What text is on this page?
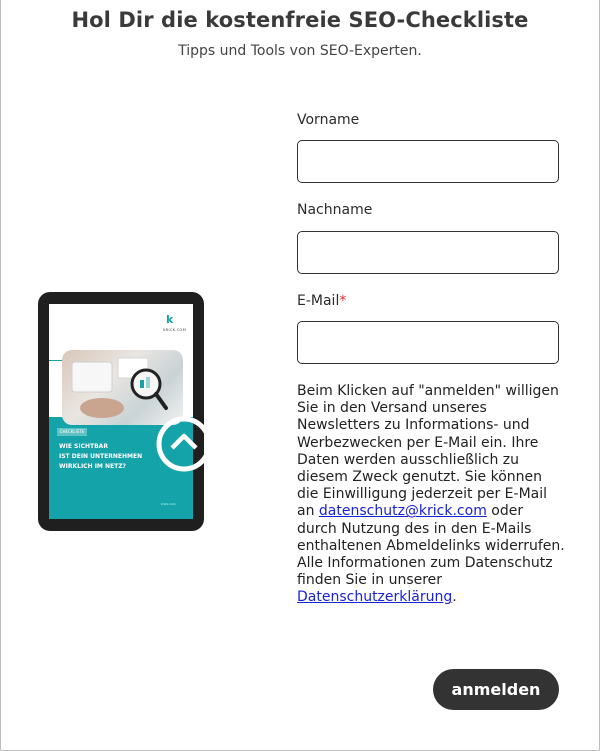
Hol Dir die kostenfreie SEO-Checkliste

Tipps und Tools von SEO-Experten.

k
KRICK.COM
CHECKLISTE
WIE SICHTBAR
IST DEIN UNTERNEHMEN
WIRKLICH IM NETZ?
krick.com
Vorname
Nachname
E-Mail*

Beim Klicken auf "anmelden" willigen Sie in den Versand unseres Newsletters zu Informations- und Werbezwecken per E-Mail ein. Ihre Daten werden ausschließlich zu diesem Zweck genutzt. Sie können die Einwilligung jederzeit per E-Mail an datenschutz@krick.com oder durch Nutzung des in den E-Mails enthaltenen Abmeldelinks widerrufen. Alle Informationen zum Datenschutz finden Sie in unserer Datenschutzerklärung.

anmelden
